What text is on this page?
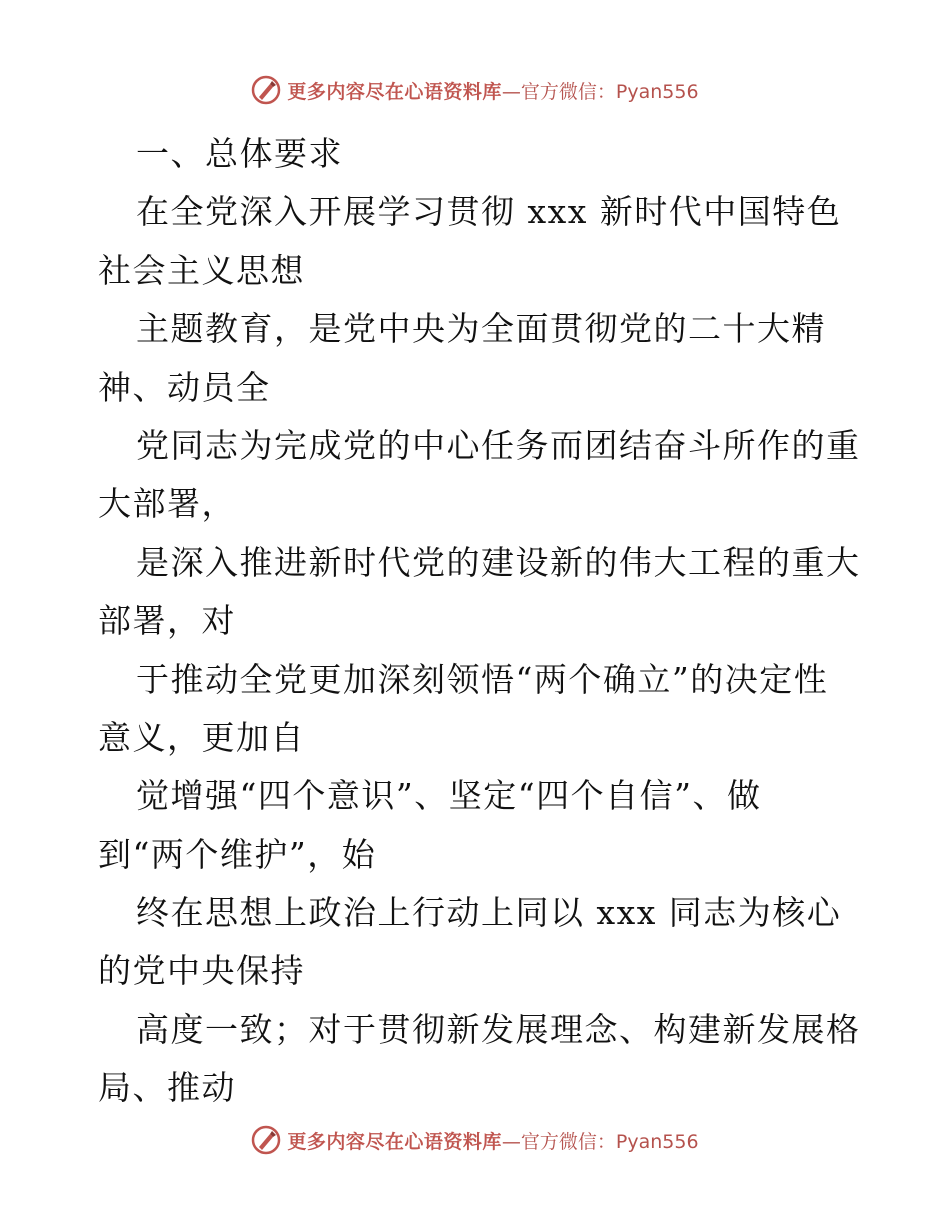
更多内容尽在心语资料库 —官方微信：Pyan556
一、总体要求
在全党深入开展学习贯彻 xxx 新时代中国特色
社会主义思想
主题教育，是党中央为全面贯彻党的二十大精
神、动员全
党同志为完成党的中心任务而团结奋斗所作的重
大部署，
是深入推进新时代党的建设新的伟大工程的重大
部署，对
于推动全党更加深刻领悟“两个确立”的决定性
意义，更加自
觉增强“四个意识”、坚定“四个自信”、做
到“两个维护”，始
终在思想上政治上行动上同以 xxx 同志为核心
的党中央保持
高度一致；对于贯彻新发展理念、构建新发展格
局、推动
更多内容尽在心语资料库 —官方微信：Pyan556
